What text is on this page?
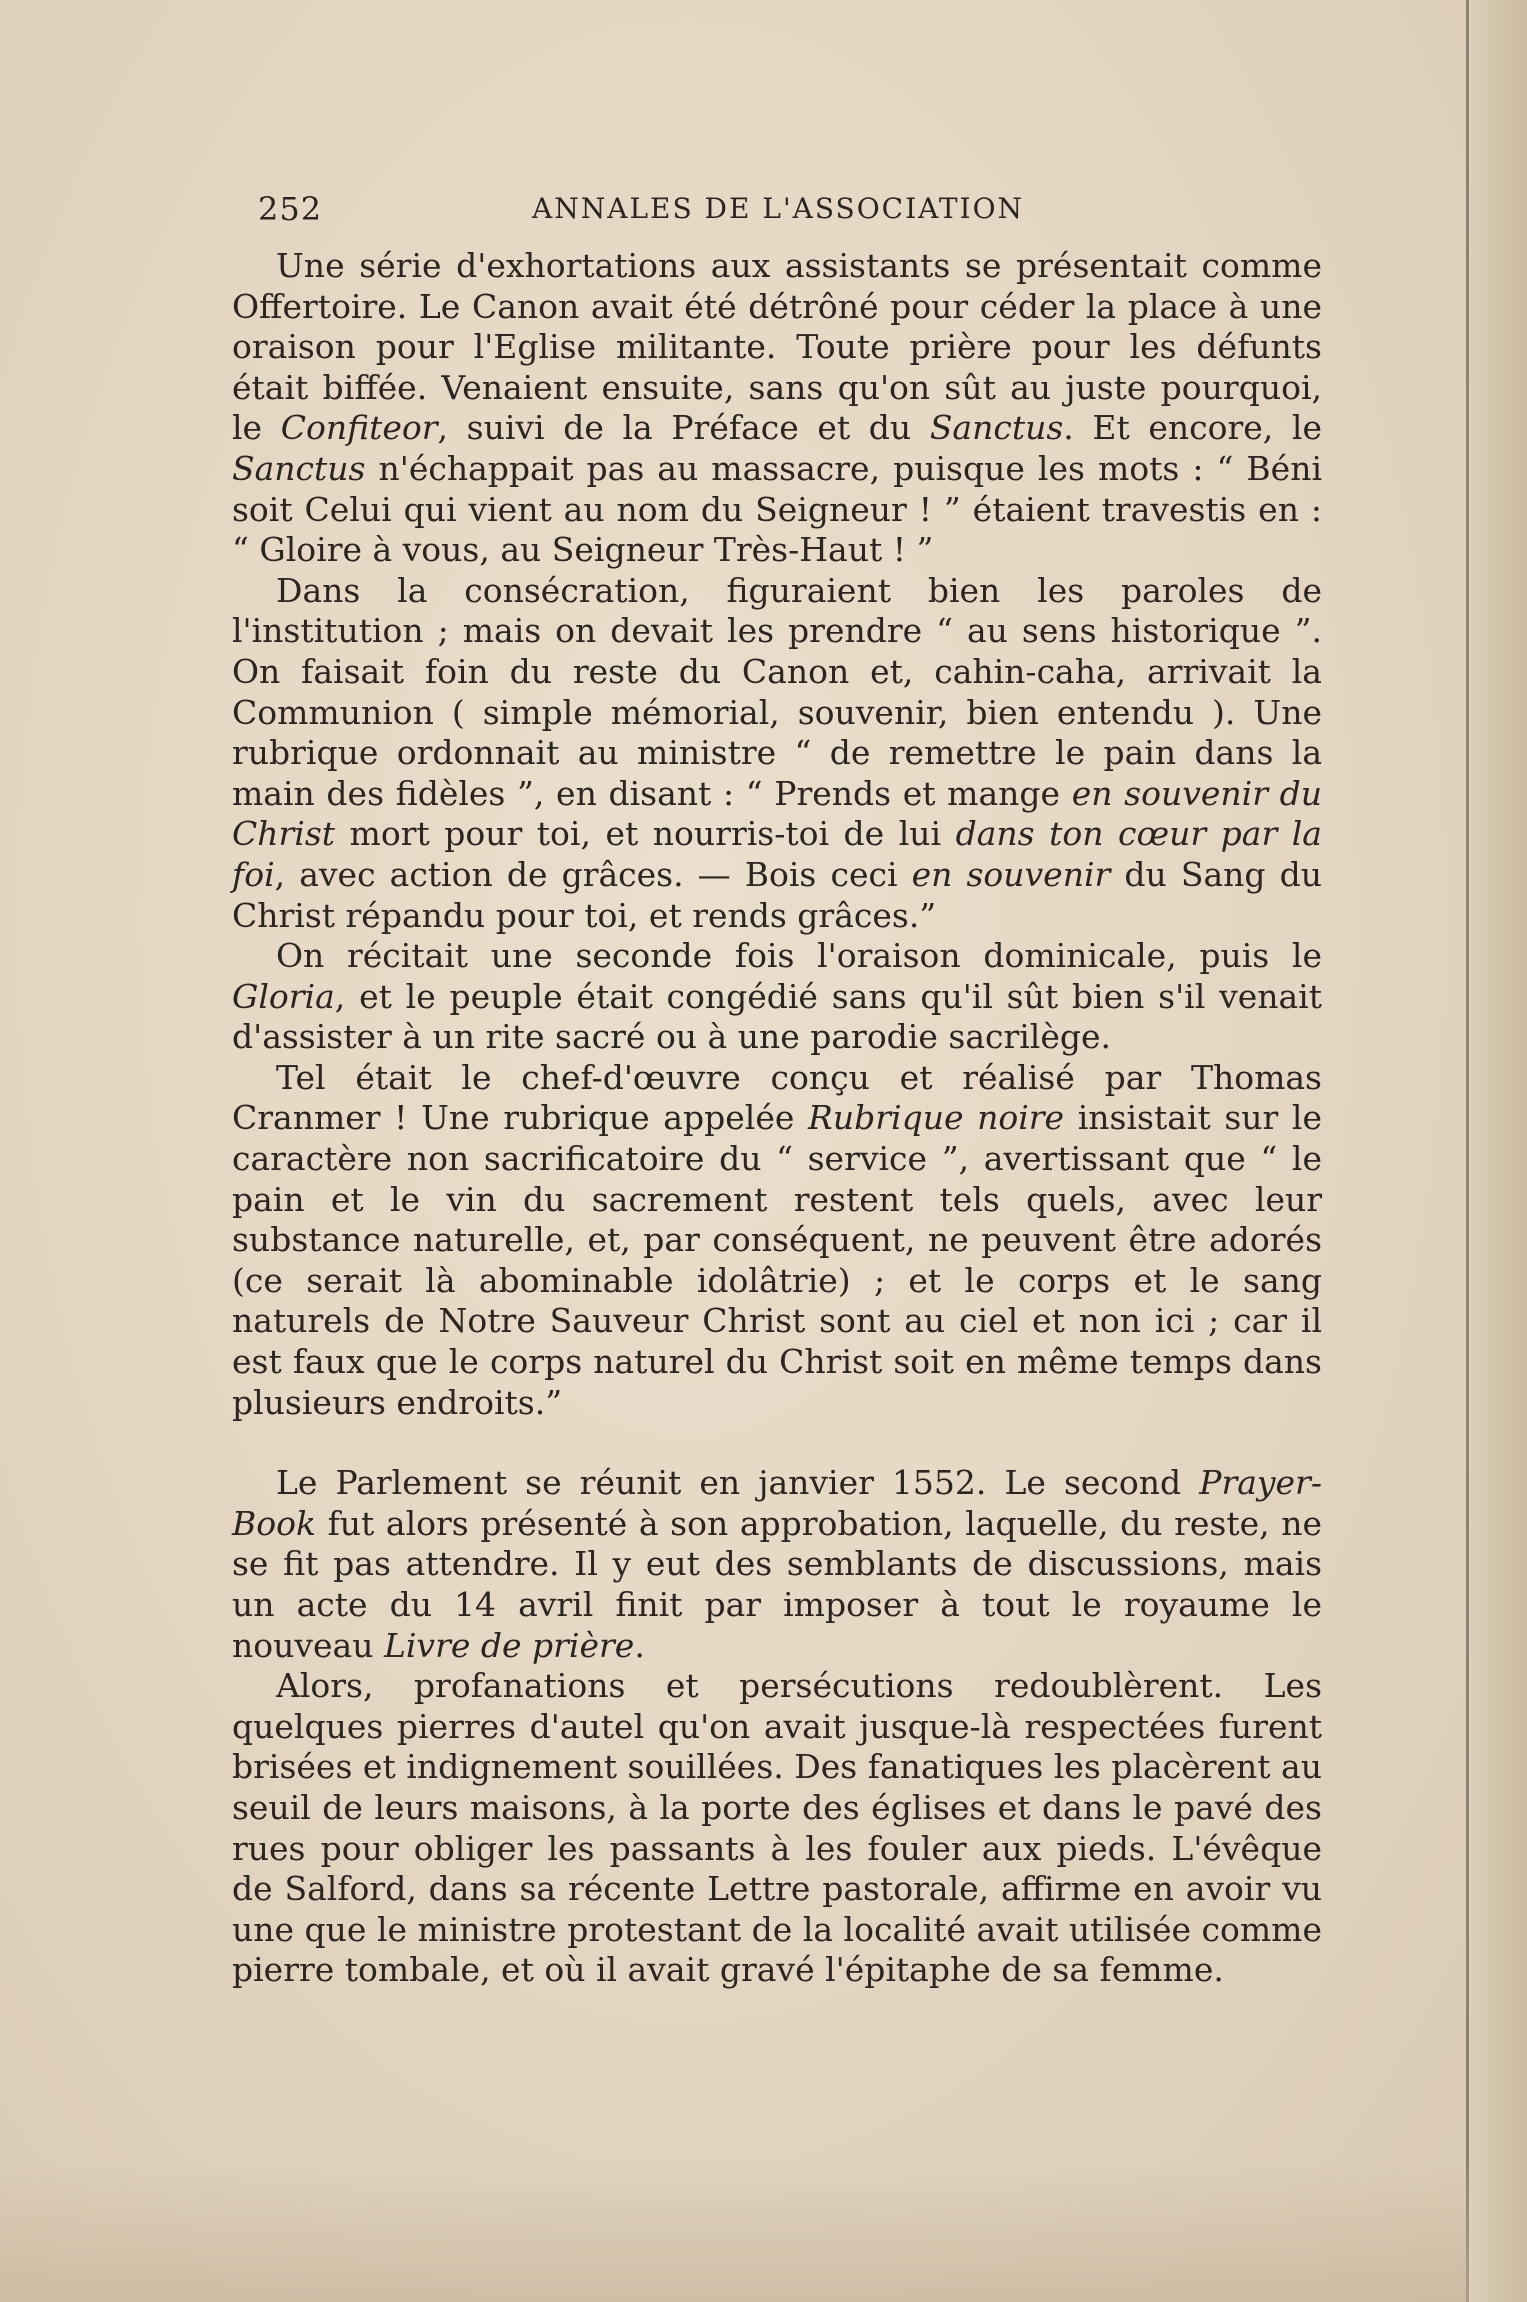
252	ANNALES DE L'ASSOCIATION

Une série d'exhortations aux assistants se présentait comme Offertoire. Le Canon avait été détrôné pour céder la place à une oraison pour l'Eglise militante. Toute prière pour les défunts était biffée. Venaient ensuite, sans qu'on sût au juste pourquoi, le Confiteor, suivi de la Préface et du Sanctus. Et encore, le Sanctus n'échappait pas au massacre, puisque les mots : “ Béni soit Celui qui vient au nom du Seigneur ! ” étaient travestis en : “ Gloire à vous, au Seigneur Très-Haut ! ”

Dans la consécration, figuraient bien les paroles de l'institution ; mais on devait les prendre “ au sens historique ”. On faisait foin du reste du Canon et, cahin-caha, arrivait la Communion ( simple mémorial, souvenir, bien entendu ). Une rubrique ordonnait au ministre “ de remettre le pain dans la main des fidèles ”, en disant : “ Prends et mange en souvenir du Christ mort pour toi, et nourris-toi de lui dans ton cœur par la foi, avec action de grâces. — Bois ceci en souvenir du Sang du Christ répandu pour toi, et rends grâces.”

On récitait une seconde fois l'oraison dominicale, puis le Gloria, et le peuple était congédié sans qu'il sût bien s'il venait d'assister à un rite sacré ou à une parodie sacrilège.

Tel était le chef-d'œuvre conçu et réalisé par Thomas Cranmer ! Une rubrique appelée Rubrique noire insistait sur le caractère non sacrificatoire du “ service ”, avertissant que “ le pain et le vin du sacrement restent tels quels, avec leur substance naturelle, et, par conséquent, ne peuvent être adorés (ce serait là abominable idolâtrie) ; et le corps et le sang naturels de Notre Sauveur Christ sont au ciel et non ici ; car il est faux que le corps naturel du Christ soit en même temps dans plusieurs endroits.”

Le Parlement se réunit en janvier 1552. Le second Prayer-Book fut alors présenté à son approbation, laquelle, du reste, ne se fit pas attendre. Il y eut des semblants de discussions, mais un acte du 14 avril finit par imposer à tout le royaume le nouveau Livre de prière.

Alors, profanations et persécutions redoublèrent. Les quelques pierres d'autel qu'on avait jusque-là respectées furent brisées et indignement souillées. Des fanatiques les placèrent au seuil de leurs maisons, à la porte des églises et dans le pavé des rues pour obliger les passants à les fouler aux pieds. L'évêque de Salford, dans sa récente Lettre pastorale, affirme en avoir vu une que le ministre protestant de la localité avait utilisée comme pierre tombale, et où il avait gravé l'épitaphe de sa femme.
